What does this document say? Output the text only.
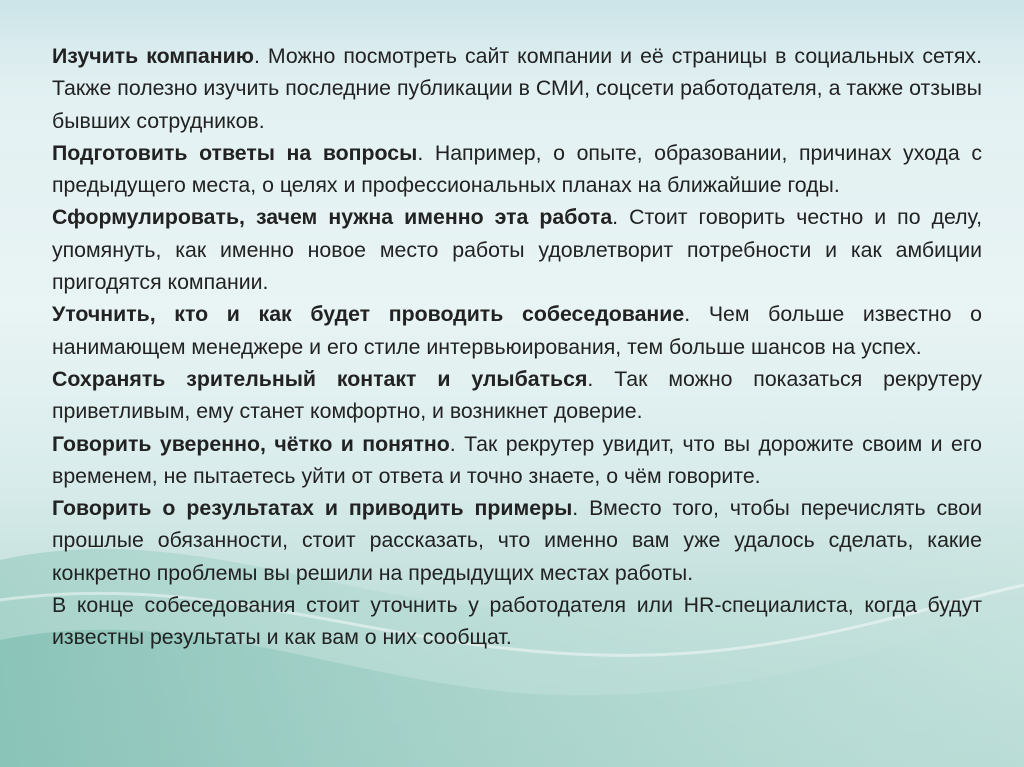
Изучить компанию. Можно посмотреть сайт компании и её страницы в социальных сетях. Также полезно изучить последние публикации в СМИ, соцсети работодателя, а также отзывы бывших сотрудников.

Подготовить ответы на вопросы. Например, о опыте, образовании, причинах ухода с предыдущего места, о целях и профессиональных планах на ближайшие годы.

Сформулировать, зачем нужна именно эта работа. Стоит говорить честно и по делу, упомянуть, как именно новое место работы удовлетворит потребности и как амбиции пригодятся компании.

Уточнить, кто и как будет проводить собеседование. Чем больше известно о нанимающем менеджере и его стиле интервьюирования, тем больше шансов на успех.

Сохранять зрительный контакт и улыбаться. Так можно показаться рекрутеру приветливым, ему станет комфортно, и возникнет доверие.

Говорить уверенно, чётко и понятно. Так рекрутер увидит, что вы дорожите своим и его временем, не пытаетесь уйти от ответа и точно знаете, о чём говорите.

Говорить о результатах и приводить примеры. Вместо того, чтобы перечислять свои прошлые обязанности, стоит рассказать, что именно вам уже удалось сделать, какие конкретно проблемы вы решили на предыдущих местах работы.

В конце собеседования стоит уточнить у работодателя или HR-специалиста, когда будут известны результаты и как вам о них сообщат.
